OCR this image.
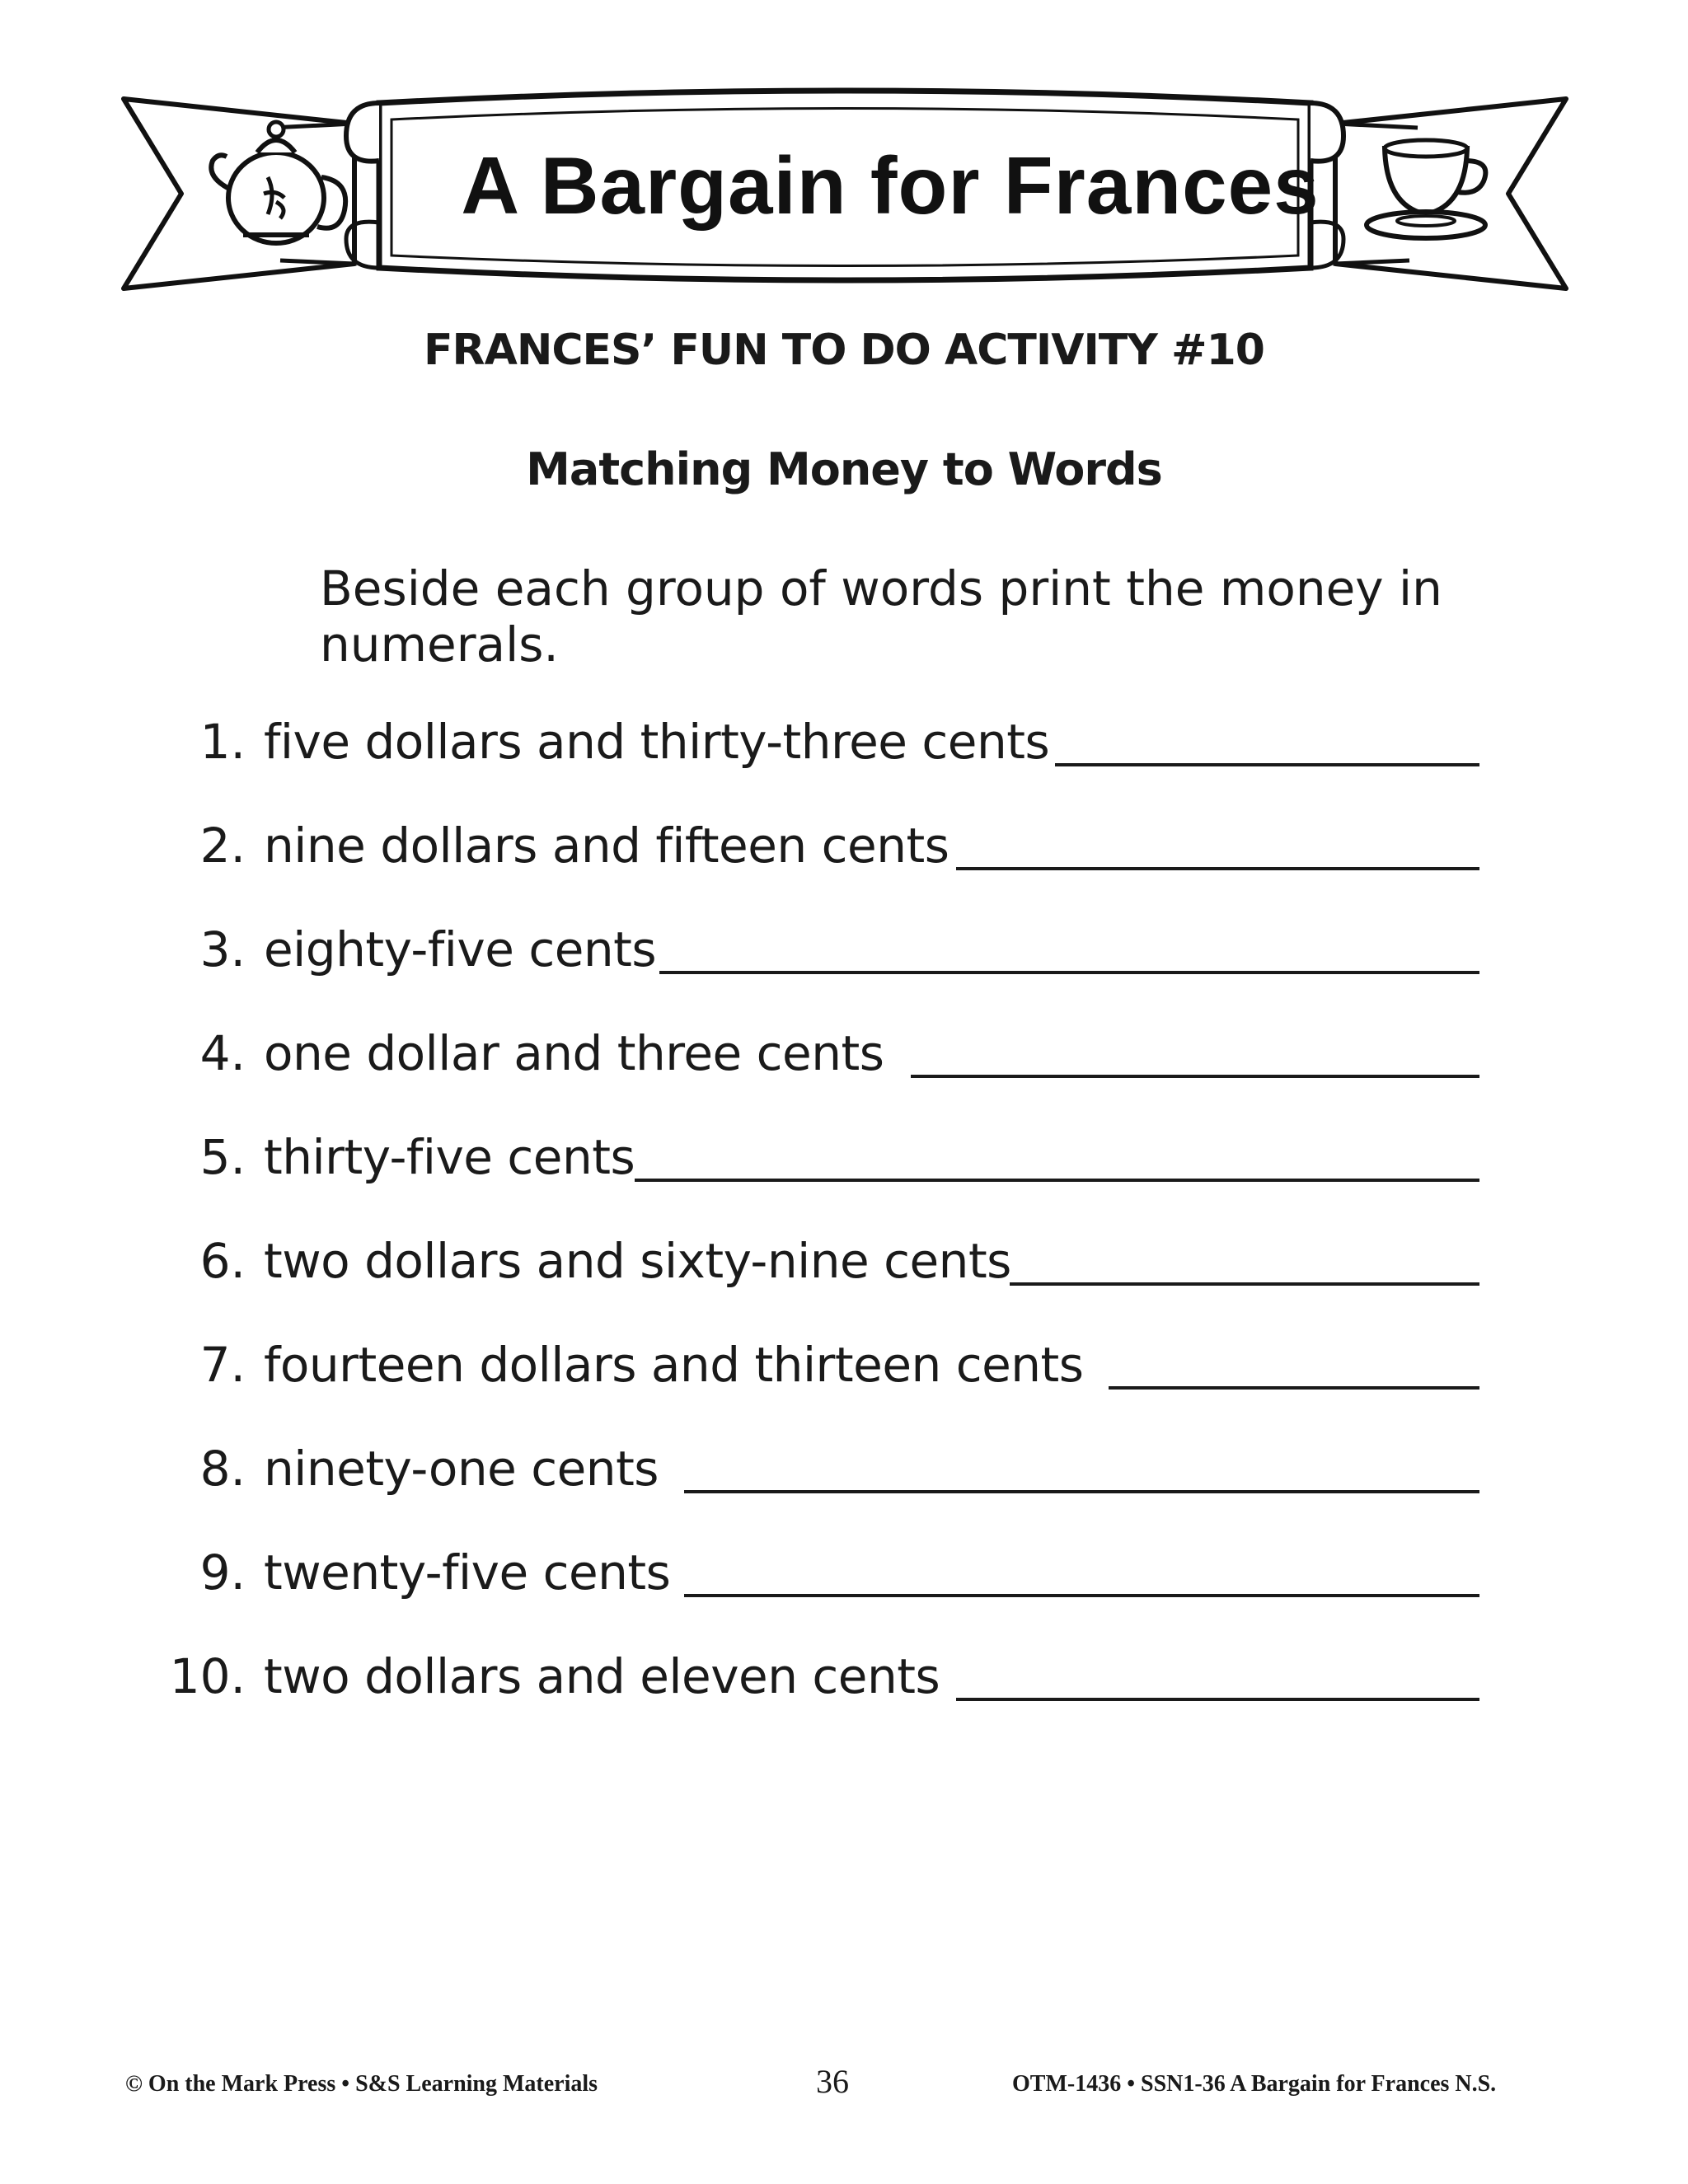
A Bargain for Frances
FRANCES’ FUN TO DO ACTIVITY #10
Matching Money to Words
Beside each group of words print the money in numerals.
1. five dollars and thirty-three cents
2. nine dollars and fifteen cents
3. eighty-five cents
4. one dollar and three cents
5. thirty-five cents
6. two dollars and sixty-nine cents
7. fourteen dollars and thirteen cents
8. ninety-one cents
9. twenty-five cents
10. two dollars and eleven cents
© On the Mark Press • S&S Learning Materials	36	OTM-1436 • SSN1-36 A Bargain for Frances N.S.
